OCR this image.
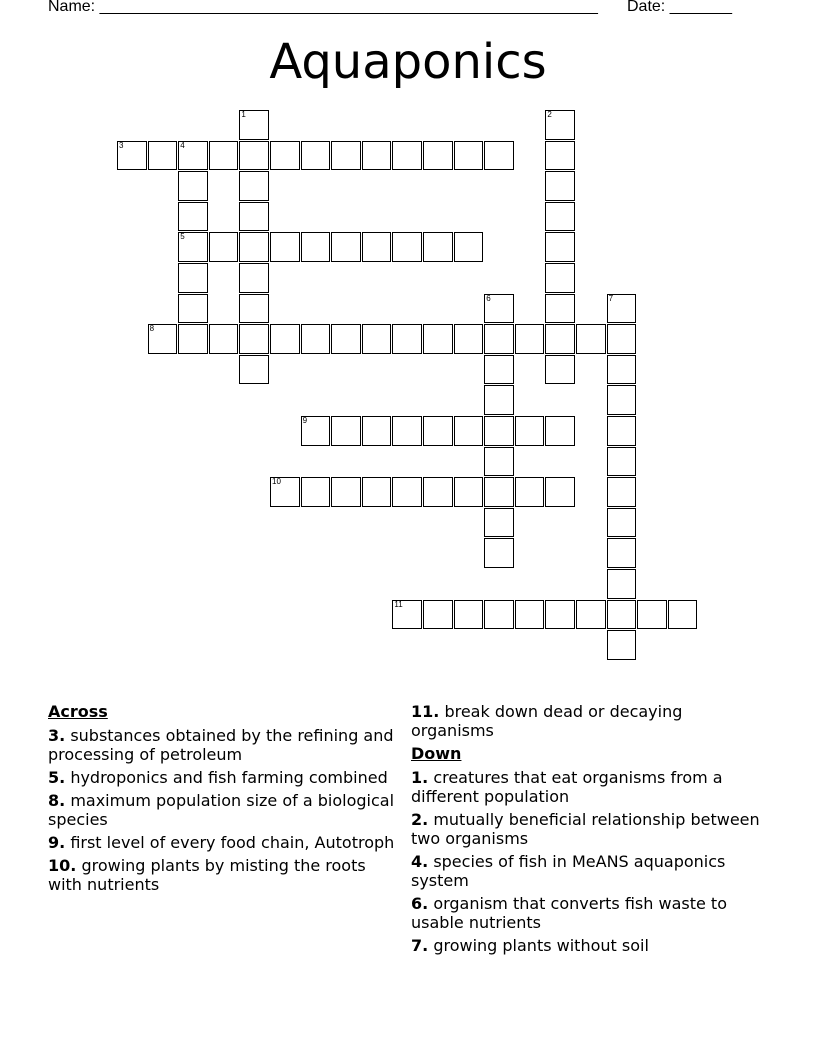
Name: ________________________________________________________ Date: _______
Aquaponics
1	2
3	4
5
6	7
8
9
10
11
Across
3. substances obtained by the refining and processing of petroleum
5. hydroponics and fish farming combined
8. maximum population size of a biological species
9. first level of every food chain, Autotroph
10. growing plants by misting the roots with nutrients
11. break down dead or decaying organisms
Down
1. creatures that eat organisms from a different population
2. mutually beneficial relationship between two organisms
4. species of fish in MeANS aquaponics system
6. organism that converts fish waste to usable nutrients
7. growing plants without soil
